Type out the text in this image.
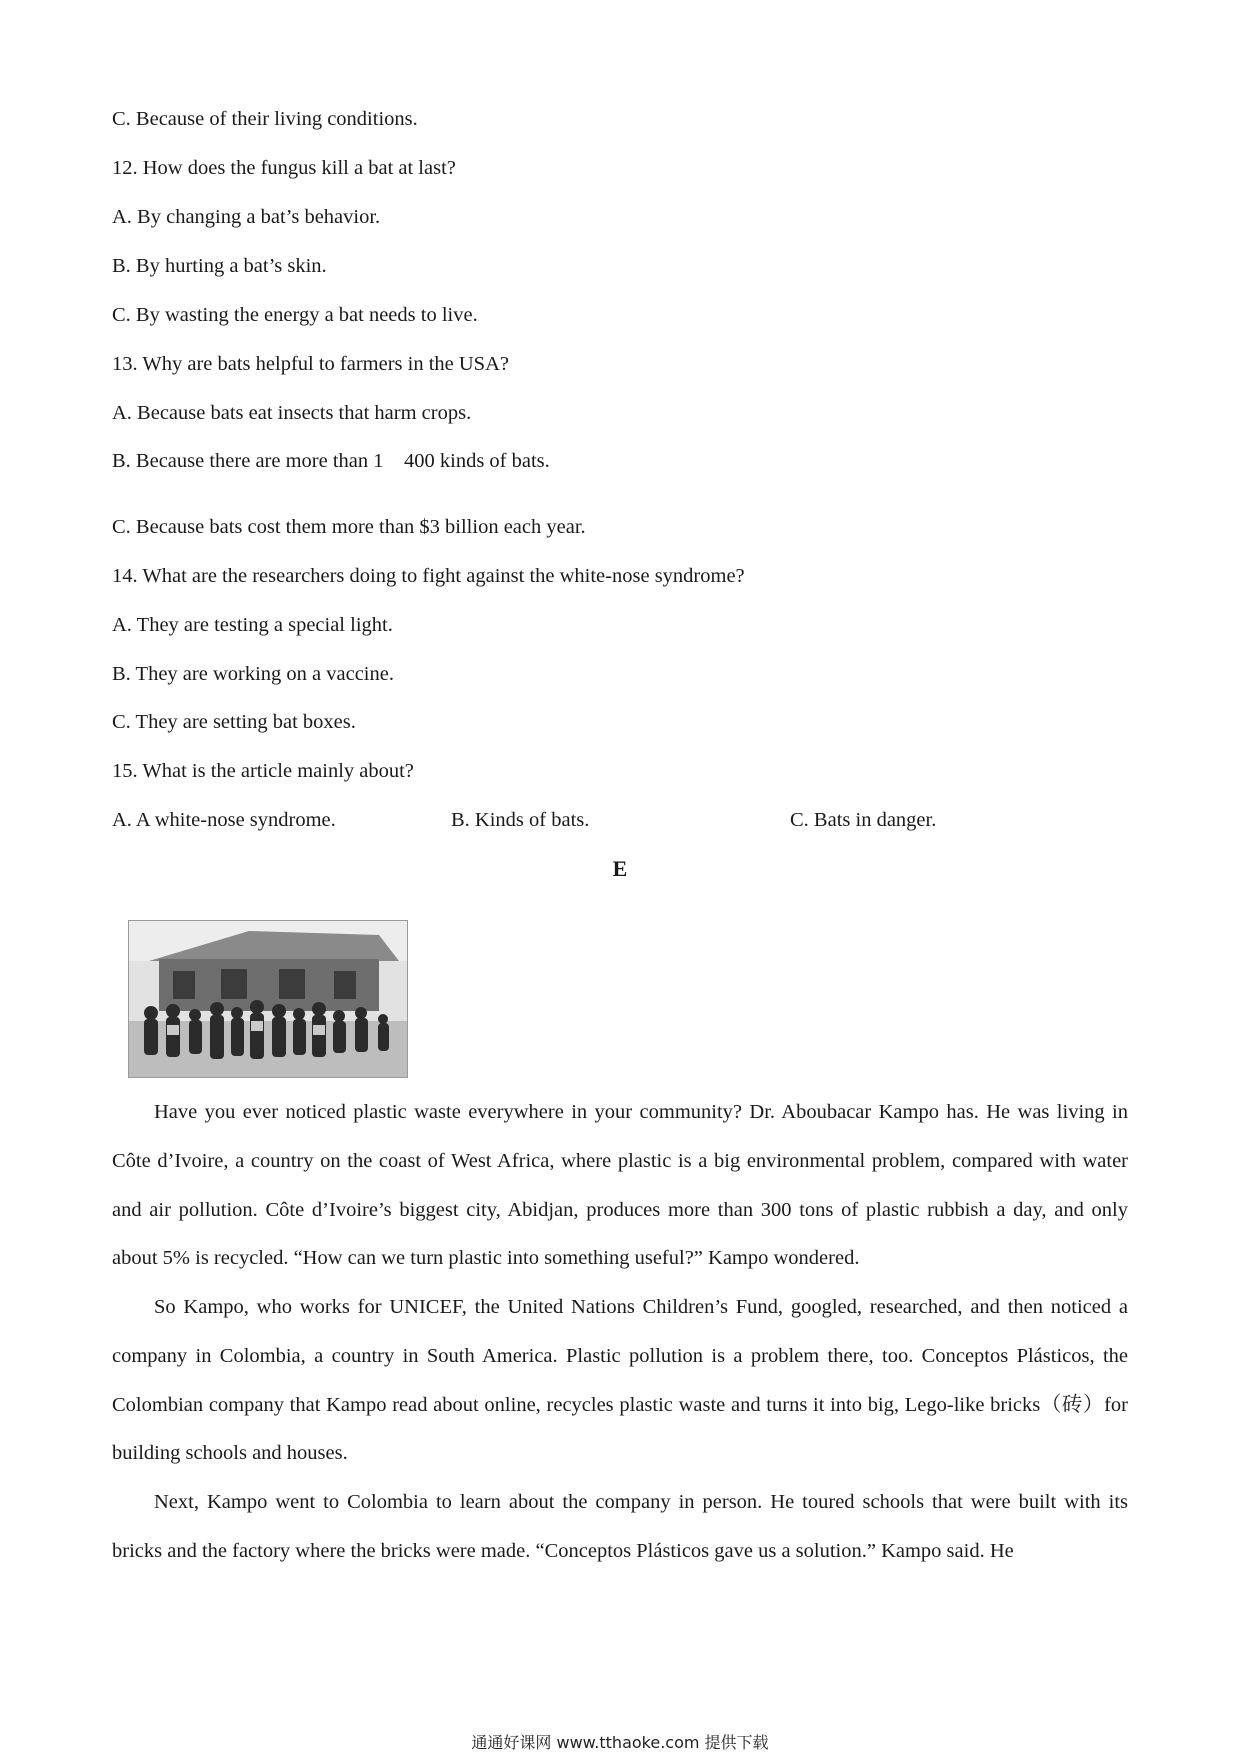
C. Because of their living conditions.
12. How does the fungus kill a bat at last?
A. By changing a bat’s behavior.
B. By hurting a bat’s skin.
C. By wasting the energy a bat needs to live.
13. Why are bats helpful to farmers in the USA?
A. Because bats eat insects that harm crops.
B. Because there are more than 1 400 kinds of bats.
C. Because bats cost them more than $3 billion each year.
14. What are the researchers doing to fight against the white-nose syndrome?
A. They are testing a special light.
B. They are working on a vaccine.
C. They are setting bat boxes.
15. What is the article mainly about?
A. A white-nose syndrome.	B. Kinds of bats.	C. Bats in danger.
E

Have you ever noticed plastic waste everywhere in your community? Dr. Aboubacar Kampo has. He was living in Côte d’Ivoire, a country on the coast of West Africa, where plastic is a big environmental problem, compared with water and air pollution. Côte d’Ivoire’s biggest city, Abidjan, produces more than 300 tons of plastic rubbish a day, and only about 5% is recycled. “How can we turn plastic into something useful?” Kampo wondered.

So Kampo, who works for UNICEF, the United Nations Children’s Fund, googled, researched, and then noticed a company in Colombia, a country in South America. Plastic pollution is a problem there, too. Conceptos Plásticos, the Colombian company that Kampo read about online, recycles plastic waste and turns it into big, Lego-like bricks（砖）for building schools and houses.

Next, Kampo went to Colombia to learn about the company in person. He toured schools that were built with its bricks and the factory where the bricks were made. “Conceptos Plásticos gave us a solution.” Kampo said. He

通通好课网 www.tthaoke.com 提供下载
